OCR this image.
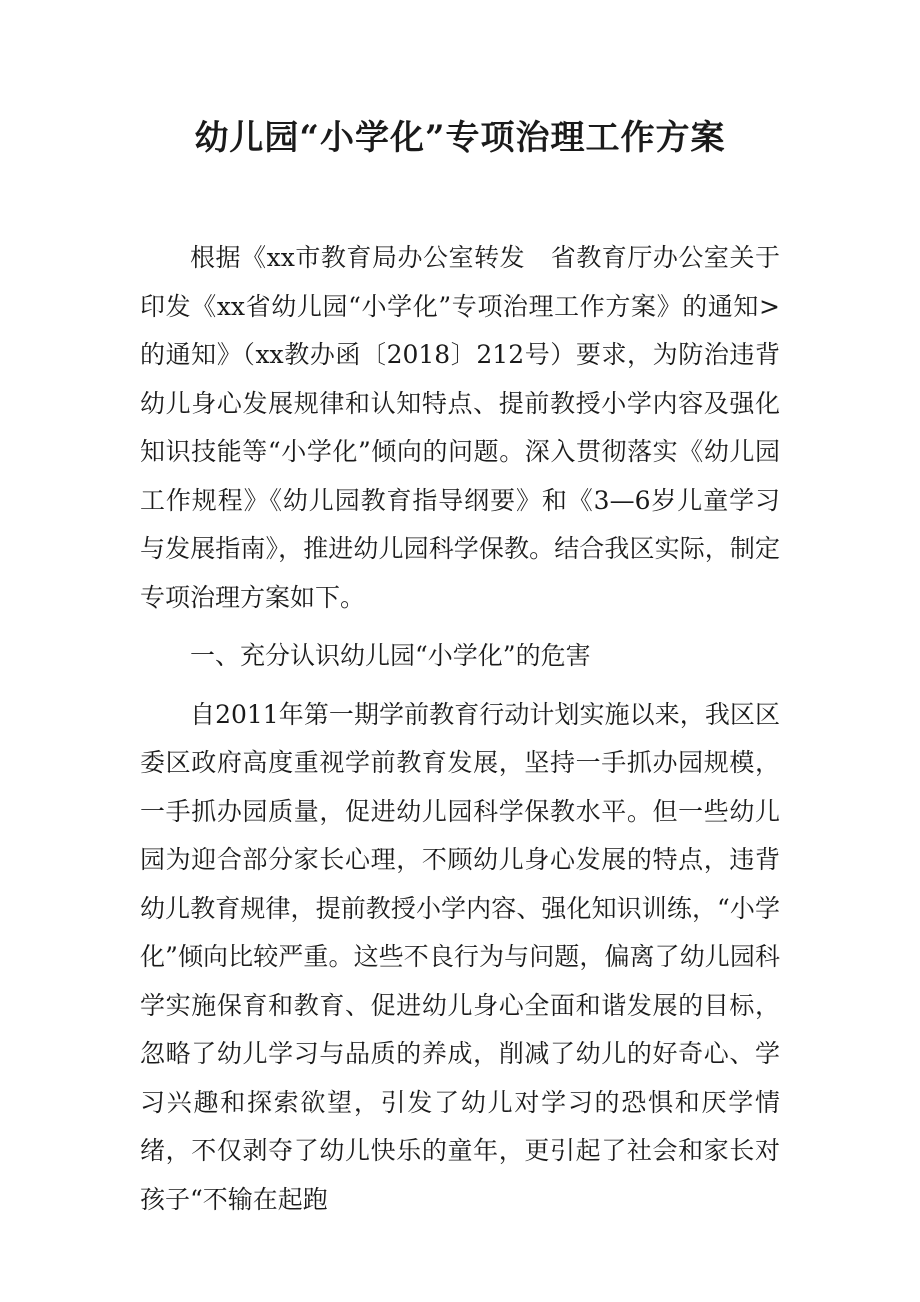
幼儿园“小学化”专项治理工作方案

根据《xx市教育局办公室转发　省教育厅办公室关于印发《xx省幼儿园“小学化”专项治理工作方案》的通知>的通知》（xx教办函〔2018〕212号）要求，为防治违背幼儿身心发展规律和认知特点、提前教授小学内容及强化知识技能等“小学化”倾向的问题。深入贯彻落实《幼儿园工作规程》《幼儿园教育指导纲要》和《3—6岁儿童学习与发展指南》，推进幼儿园科学保教。结合我区实际，制定专项治理方案如下。

一、充分认识幼儿园“小学化”的危害

自2011年第一期学前教育行动计划实施以来，我区区委区政府高度重视学前教育发展，坚持一手抓办园规模，一手抓办园质量，促进幼儿园科学保教水平。但一些幼儿园为迎合部分家长心理，不顾幼儿身心发展的特点，违背幼儿教育规律，提前教授小学内容、强化知识训练，“小学化”倾向比较严重。这些不良行为与问题，偏离了幼儿园科学实施保育和教育、促进幼儿身心全面和谐发展的目标，忽略了幼儿学习与品质的养成，削减了幼儿的好奇心、学习兴趣和探索欲望，引发了幼儿对学习的恐惧和厌学情绪，不仅剥夺了幼儿快乐的童年，更引起了社会和家长对孩子“不输在起跑
